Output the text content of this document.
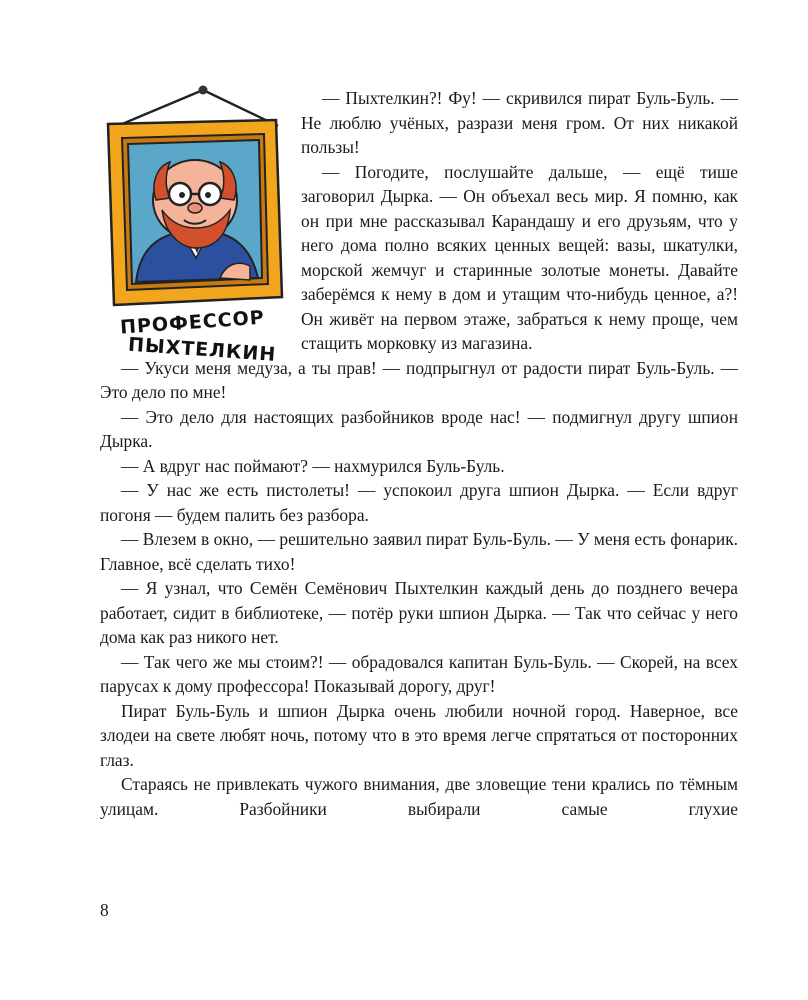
ПРОФЕССОР
ПЫХТЕЛКИН

— Пыхтелкин?! Фу! — скривился пират Буль-Буль. — Не люблю учёных, разрази меня гром. От них никакой пользы!

— Погодите, послушайте дальше, — ещё тише заговорил Дырка. — Он объехал весь мир. Я помню, как он при мне рассказывал Карандашу и его друзьям, что у него дома полно всяких ценных вещей: вазы, шкатулки, морской жемчуг и старинные золотые монеты. Давайте заберёмся к нему в дом и утащим что-нибудь ценное, а?! Он живёт на первом этаже, забраться к нему проще, чем стащить морковку из магазина.

— Укуси меня медуза, а ты прав! — подпрыгнул от радости пират Буль-Буль. — Это дело по мне!

— Это дело для настоящих разбойников вроде нас! — подмигнул другу шпион Дырка.

— А вдруг нас поймают? — нахмурился Буль-Буль.

— У нас же есть пистолеты! — успокоил друга шпион Дырка. — Если вдруг погоня — будем палить без разбора.

— Влезем в окно, — решительно заявил пират Буль-Буль. — У меня есть фонарик. Главное, всё сделать тихо!

— Я узнал, что Семён Семёнович Пыхтелкин каждый день до позднего вечера работает, сидит в библиотеке, — потёр руки шпион Дырка. — Так что сейчас у него дома как раз никого нет.

— Так чего же мы стоим?! — обрадовался капитан Буль-Буль. — Скорей, на всех парусах к дому профессора! Показывай дорогу, друг!

Пират Буль-Буль и шпион Дырка очень любили ночной город. Наверное, все злодеи на свете любят ночь, потому что в это время легче спрятаться от посторонних глаз.

Стараясь не привлекать чужого внимания, две зловещие тени крались по тёмным улицам. Разбойники выбирали самые глухие

8
